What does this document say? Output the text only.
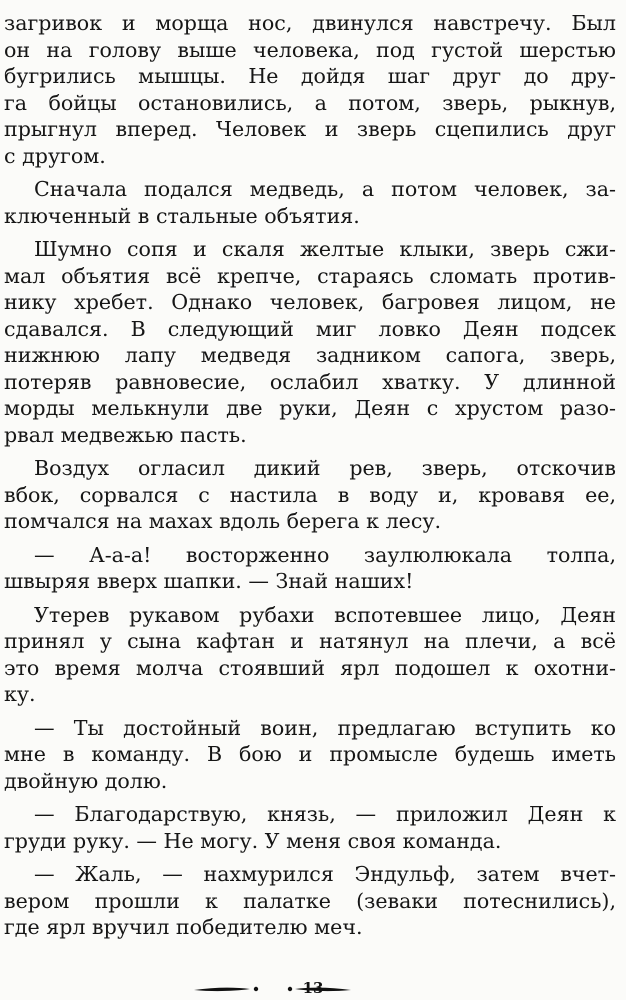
загривок и морща нос, двинулся навстречу. Был
он на голову выше человека, под густой шерстью
бугрились мышцы. Не дойдя шаг друг до дру-
га бойцы остановились, а потом, зверь, рыкнув,
прыгнул вперед. Человек и зверь сцепились друг
с другом.
Сначала подался медведь, а потом человек, за-
ключенный в стальные объятия.
Шумно сопя и скаля желтые клыки, зверь сжи-
мал объятия всё крепче, стараясь сломать против-
нику хребет. Однако человек, багровея лицом, не
сдавался. В следующий миг ловко Деян подсек
нижнюю лапу медведя задником сапога, зверь,
потеряв равновесие, ослабил хватку. У длинной
морды мелькнули две руки, Деян с хрустом разо-
рвал медвежью пасть.
Воздух огласил дикий рев, зверь, отскочив
вбок, сорвался с настила в воду и, кровавя ее,
помчался на махах вдоль берега к лесу.
— А-а-а! восторженно заулюлюкала толпа,
швыряя вверх шапки. — Знай наших!
Утерев рукавом рубахи вспотевшее лицо, Деян
принял у сына кафтан и натянул на плечи, а всё
это время молча стоявший ярл подошел к охотни-
ку.
— Ты достойный воин, предлагаю вступить ко
мне в команду. В бою и промысле будешь иметь
двойную долю.
— Благодарствую, князь, — приложил Деян к
груди руку. — Не могу. У меня своя команда.
— Жаль, — нахмурился Эндульф, затем вчет-
вером прошли к палатке (зеваки потеснились),
где ярл вручил победителю меч.
13
